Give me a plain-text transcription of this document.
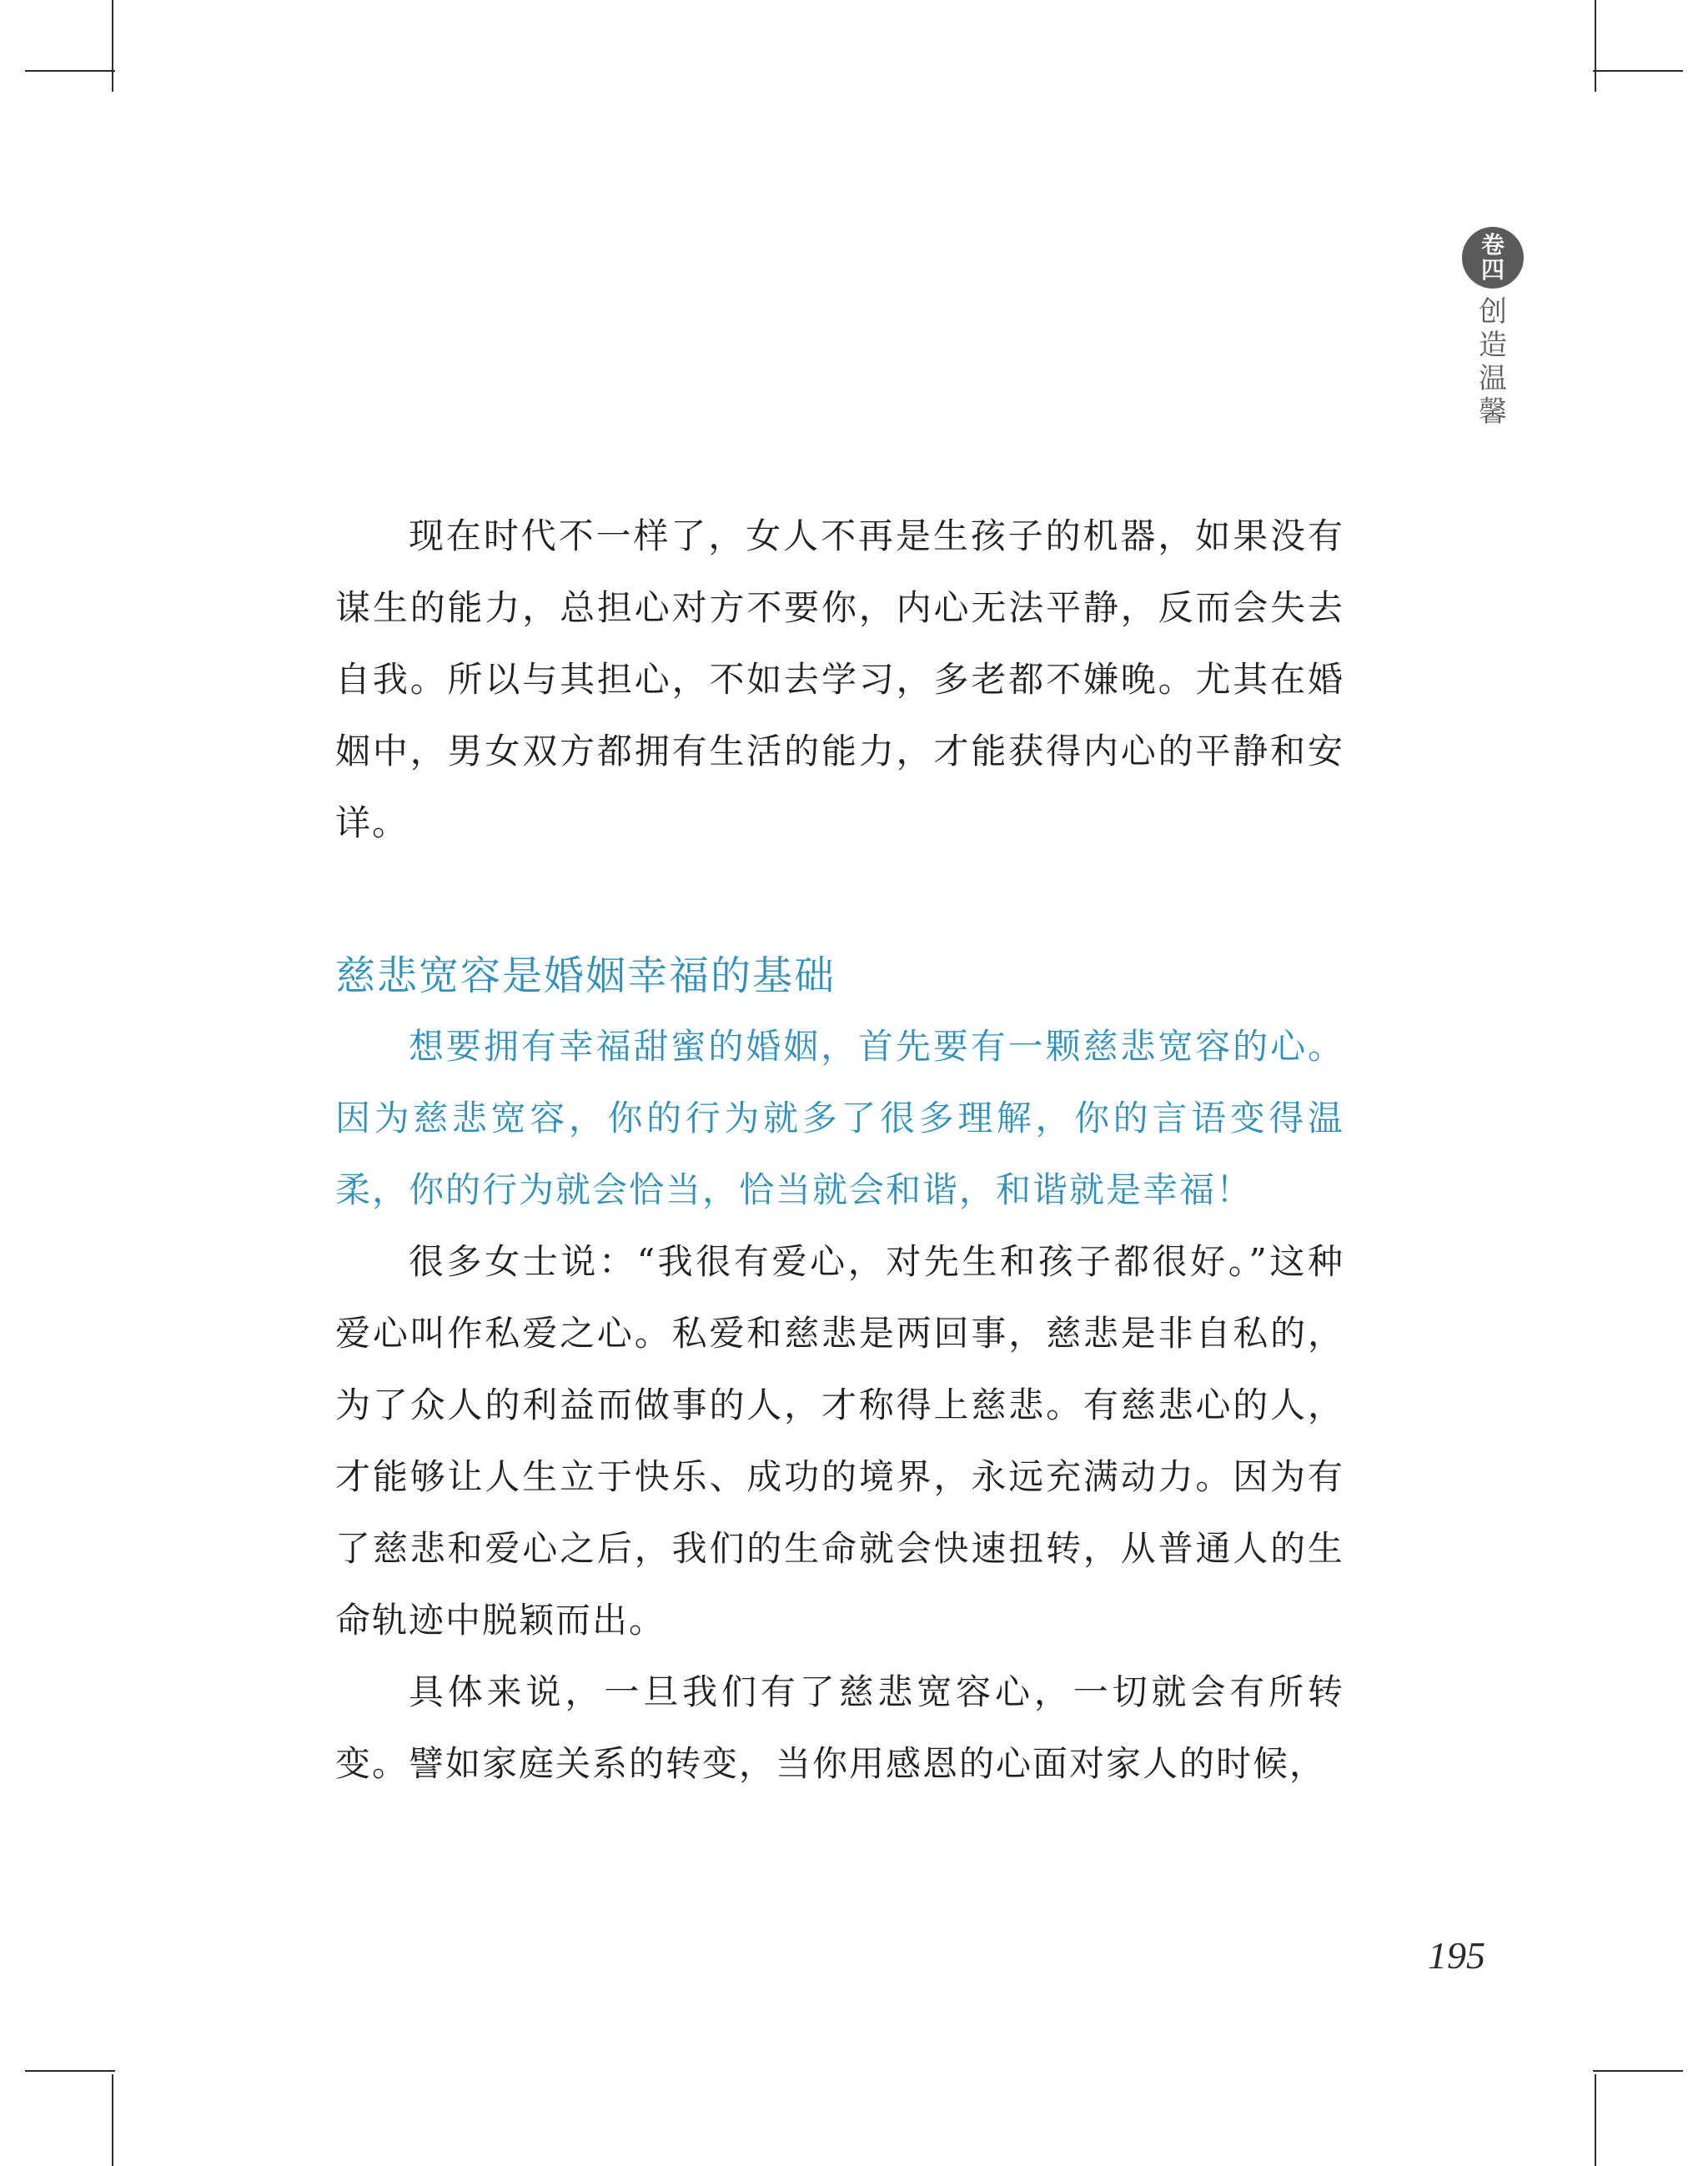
卷
四
创造温馨

现在时代不一样了，女人不再是生孩子的机器，如果没有谋生的能力，总担心对方不要你，内心无法平静，反而会失去自我。所以与其担心，不如去学习，多老都不嫌晚。尤其在婚姻中，男女双方都拥有生活的能力，才能获得内心的平静和安详。

慈悲宽容是婚姻幸福的基础

想要拥有幸福甜蜜的婚姻，首先要有一颗慈悲宽容的心。因为慈悲宽容，你的行为就多了很多理解，你的言语变得温柔，你的行为就会恰当，恰当就会和谐，和谐就是幸福！

很多女士说：“我很有爱心，对先生和孩子都很好。”这种爱心叫作私爱之心。私爱和慈悲是两回事，慈悲是非自私的，为了众人的利益而做事的人，才称得上慈悲。有慈悲心的人，才能够让人生立于快乐、成功的境界，永远充满动力。因为有了慈悲和爱心之后，我们的生命就会快速扭转，从普通人的生命轨迹中脱颖而出。

具体来说，一旦我们有了慈悲宽容心，一切就会有所转变。譬如家庭关系的转变，当你用感恩的心面对家人的时候，

195
